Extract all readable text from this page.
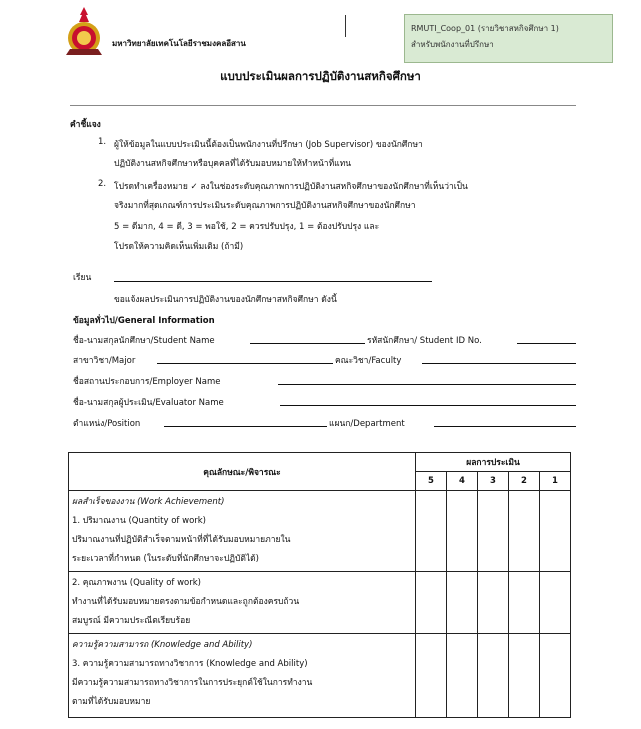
มหาวิทยาลัยเทคโนโลยีราชมงคลอีสาน
RMUTI_Coop_01 (รายวิชาสหกิจศึกษา 1)
สำหรับพนักงานที่ปรึกษา
แบบประเมินผลการปฏิบัติงานสหกิจศึกษา
คำชี้แจง
1. ผู้ให้ข้อมูลในแบบประเมินนี้ต้องเป็นพนักงานที่ปรึกษา (Job Supervisor) ของนักศึกษา
ปฏิบัติงานสหกิจศึกษาหรือบุคคลที่ได้รับมอบหมายให้ทำหน้าที่แทน
2. โปรดทำเครื่องหมาย ✓ ลงในช่องระดับคุณภาพการปฏิบัติงานสหกิจศึกษาของนักศึกษาที่เห็นว่าเป็น
จริงมากที่สุดเกณฑ์การประเมินระดับคุณภาพการปฏิบัติงานสหกิจศึกษาของนักศึกษา
5 = ดีมาก, 4 = ดี, 3 = พอใช้, 2 = ควรปรับปรุง, 1 = ต้องปรับปรุง และ
โปรดให้ความคิดเห็นเพิ่มเติม (ถ้ามี)
เรียน
ขอแจ้งผลประเมินการปฏิบัติงานของนักศึกษาสหกิจศึกษา ดังนี้
ข้อมูลทั่วไป/General Information
ชื่อ-นามสกุลนักศึกษา/Student Name	รหัสนักศึกษา/ Student ID No.
สาขาวิชา/Major	คณะวิชา/Faculty
ชื่อสถานประกอบการ/Employer Name
ชื่อ-นามสกุลผู้ประเมิน/Evaluator Name
ตำแหน่ง/Position	แผนก/Department
คุณลักษณะ/พิจารณะ	ผลการประเมิน				
	5	4	3	2	1

ผลสำเร็จของงาน (Work Achievement)
1. ปริมาณงาน (Quantity of work)
ปริมาณงานที่ปฏิบัติสำเร็จตามหน้าที่ที่ได้รับมอบหมายภายใน
ระยะเวลาที่กำหนด (ในระดับที่นักศึกษาจะปฏิบัติได้)					

2. คุณภาพงาน (Quality of work)
ทำงานที่ได้รับมอบหมายตรงตามข้อกำหนดและถูกต้องครบถ้วน
สมบูรณ์ มีความประณีตเรียบร้อย					

ความรู้ความสามารถ (Knowledge and Ability)
3. ความรู้ความสามารถทางวิชาการ (Knowledge and Ability)
มีความรู้ความสามารถทางวิชาการในการประยุกต์ใช้ในการทำงาน
ตามที่ได้รับมอบหมาย					
